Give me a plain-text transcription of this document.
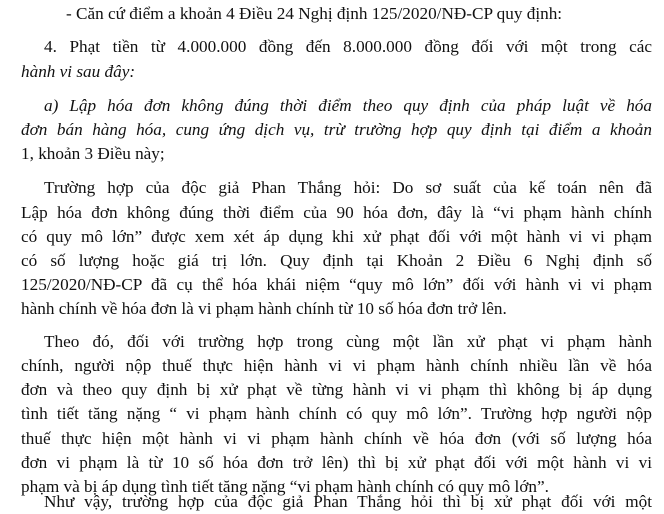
- Căn cứ điểm a khoản 4 Điều 24 Nghị định 125/2020/NĐ-CP quy định:
4. Phạt tiền từ 4.000.000 đồng đến 8.000.000 đồng đối với một trong các
hành vi sau đây:
a) Lập hóa đơn không đúng thời điểm theo quy định của pháp luật về hóa
đơn bán hàng hóa, cung ứng dịch vụ, trừ trường hợp quy định tại điểm a khoản
1, khoản 3 Điều này;
Trường hợp của độc giả Phan Thắng hỏi: Do sơ suất của kế toán nên đã
Lập hóa đơn không đúng thời điểm của 90 hóa đơn, đây là “vi phạm hành chính
có quy mô lớn” được xem xét áp dụng khi xử phạt đối với một hành vi vi phạm
có số lượng hoặc giá trị lớn. Quy định tại Khoản 2 Điều 6 Nghị định số
125/2020/NĐ-CP đã cụ thể hóa khái niệm “quy mô lớn” đối với hành vi vi phạm
hành chính về hóa đơn là vi phạm hành chính từ 10 số hóa đơn trở lên.
Theo đó, đối với trường hợp trong cùng một lần xử phạt vi phạm hành
chính, người nộp thuế thực hiện hành vi vi phạm hành chính nhiều lần về hóa
đơn và theo quy định bị xử phạt về từng hành vi vi phạm thì không bị áp dụng
tình tiết tăng nặng “ vi phạm hành chính có quy mô lớn”. Trường hợp người nộp
thuế thực hiện một hành vi vi phạm hành chính về hóa đơn (với số lượng hóa
đơn vi phạm là từ 10 số hóa đơn trở lên) thì bị xử phạt đối với một hành vi vi
phạm và bị áp dụng tình tiết tăng nặng “vi phạm hành chính có quy mô lớn”.
Như vậy, trường hợp của độc giả Phan Thắng hỏi thì bị xử phạt đối với một
